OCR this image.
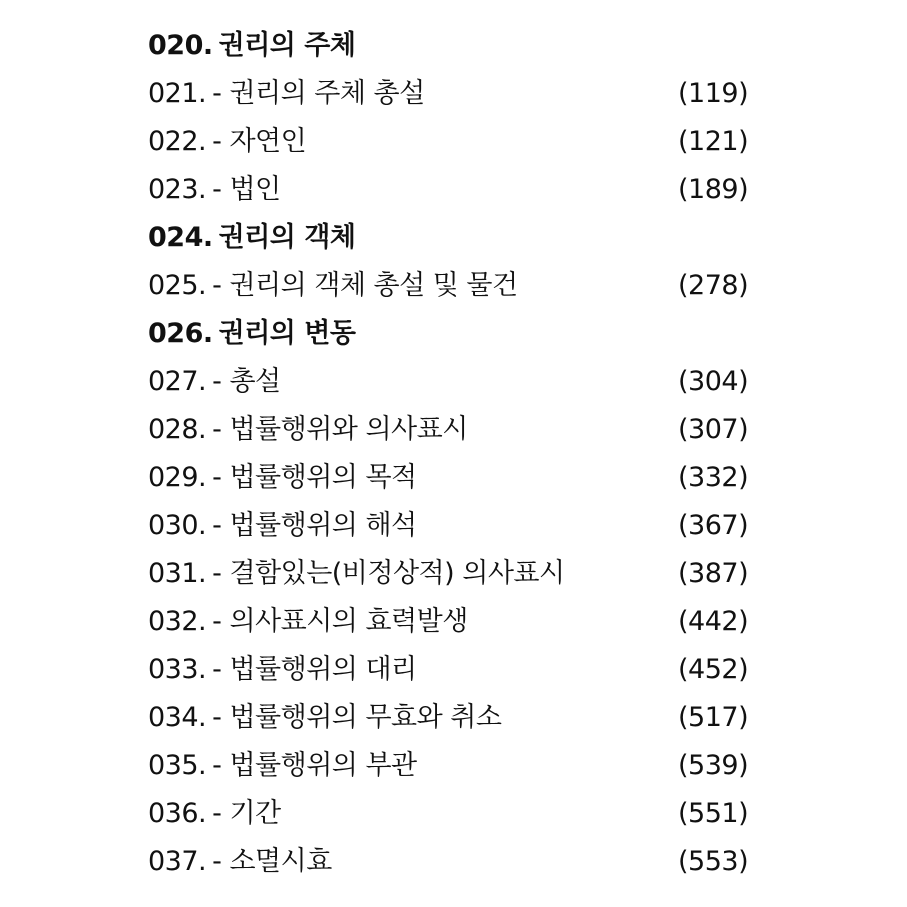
020. 권리의 주체
021. - 권리의 주체 총설	(119)
022. - 자연인	(121)
023. - 법인	(189)
024. 권리의 객체
025. - 권리의 객체 총설 및 물건	(278)
026. 권리의 변동
027. - 총설	(304)
028. - 법률행위와 의사표시	(307)
029. - 법률행위의 목적	(332)
030. - 법률행위의 해석	(367)
031. - 결함있는(비정상적) 의사표시	(387)
032. - 의사표시의 효력발생	(442)
033. - 법률행위의 대리	(452)
034. - 법률행위의 무효와 취소	(517)
035. - 법률행위의 부관	(539)
036. - 기간	(551)
037. - 소멸시효	(553)
